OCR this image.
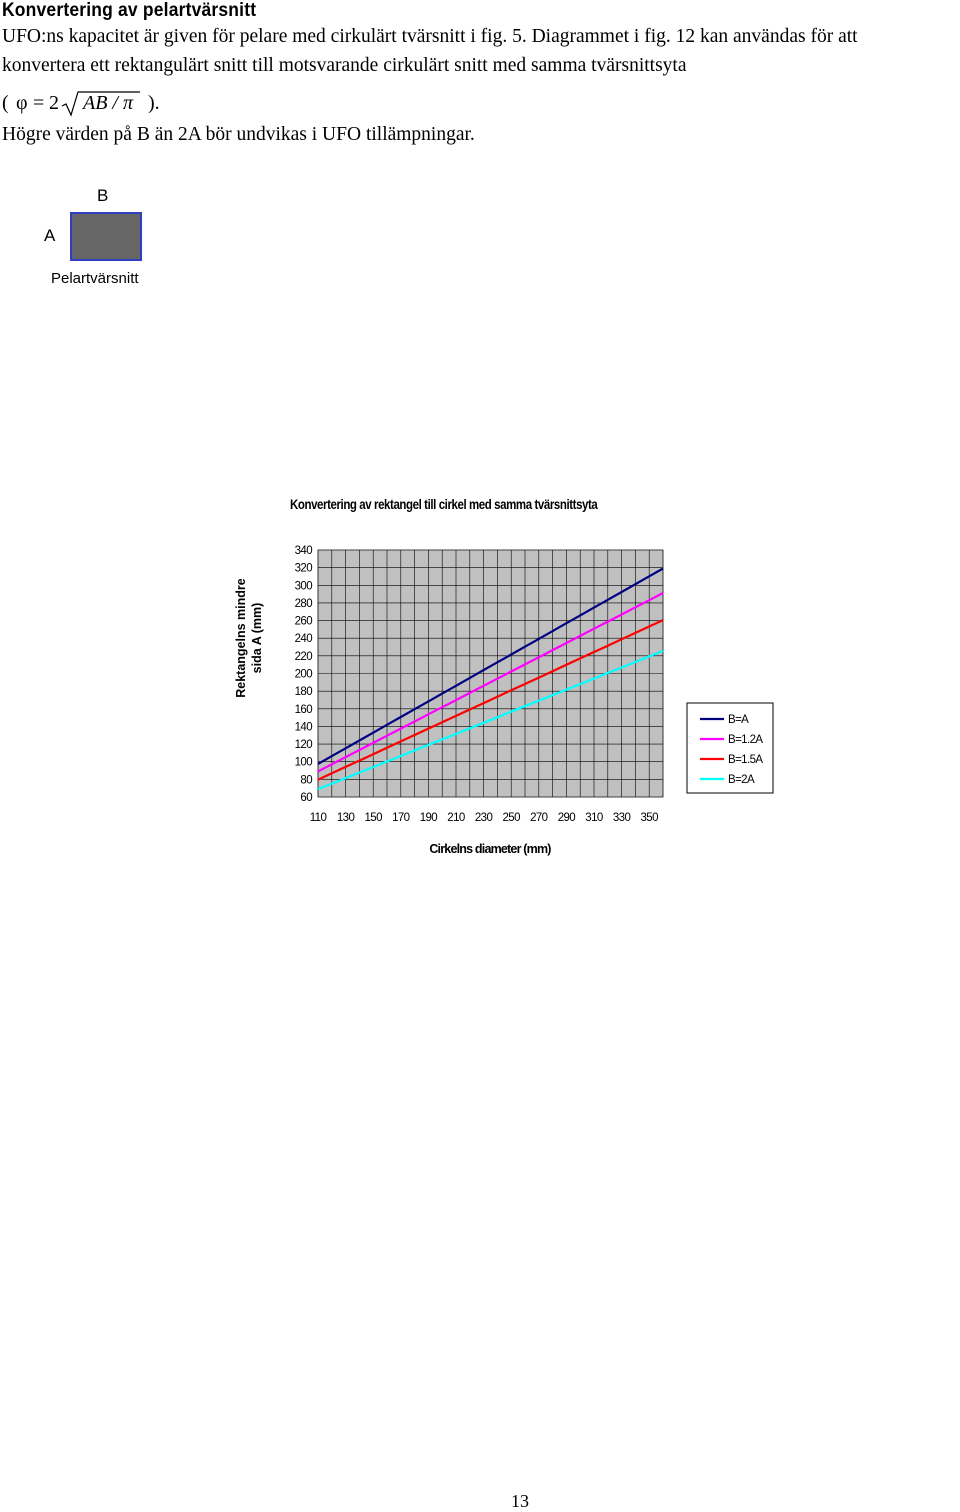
Konvertering av pelartvärsnitt
UFO:ns kapacitet är given för pelare med cirkulärt tvärsnitt i fig. 5. Diagrammet i fig. 12 kan användas för att
konvertera ett rektangulärt snitt till motsvarande cirkulärt snitt med samma tvärsnittsyta
( φ = 2 AB / π ).
Högre värden på B än 2A bör undvikas i UFO tillämpningar.
B
A
Pelartvärsnitt
Konvertering av rektangel till cirkel med samma tvärsnittsyta
Rektangelns mindre sida A (mm)
60
80
100
120
140
160
180
200
220
240
260
280
300
320
340
110 130 150 170 190 210 230 250 270 290 310 330 350
B=A
B=1.2A
B=1.5A
B=2A
Cirkelns diameter (mm)
13
